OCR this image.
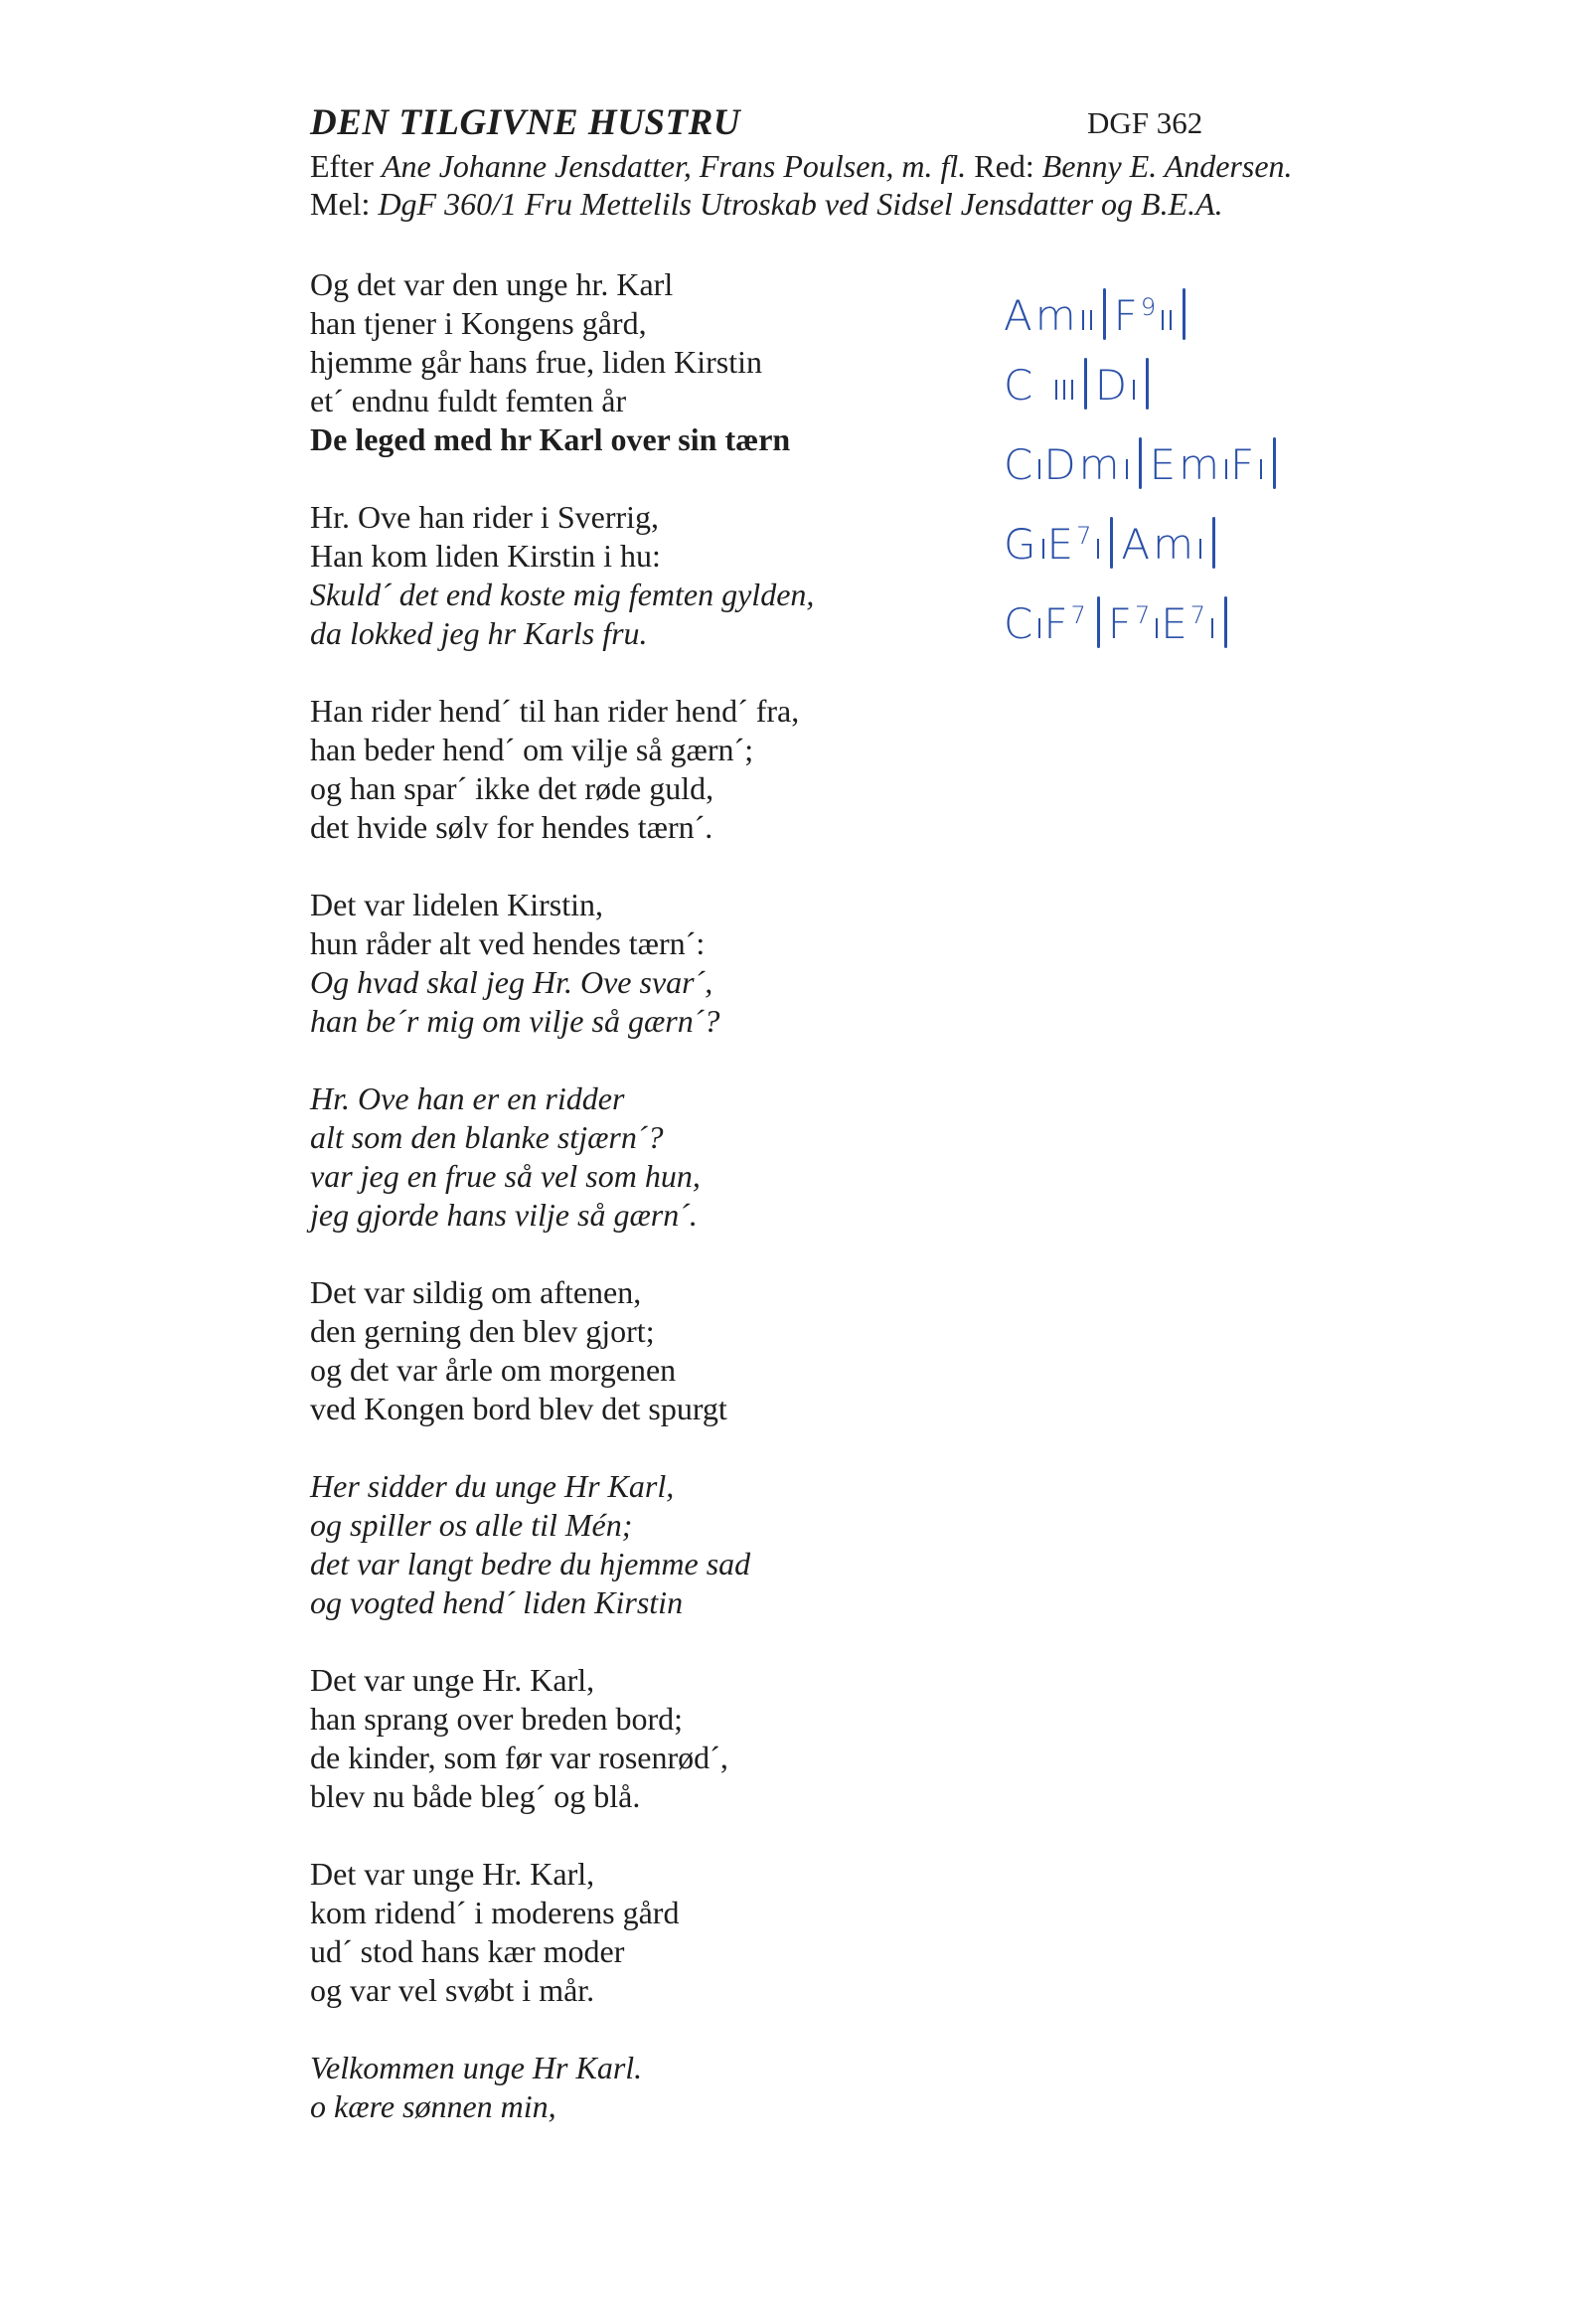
DEN TILGIVNE HUSTRU	DGF 362
Efter Ane Johanne Jensdatter, Frans Poulsen, m. fl. Red: Benny E. Andersen.
Mel: DgF 360/1 Fru Mettelils Utroskab ved Sidsel Jensdatter og B.E.A.
Og det var den unge hr. Karl
han tjener i Kongens gård,
hjemme går hans frue, liden Kirstin
et´ endnu fuldt femten år
De leged med hr Karl over sin tærn
Hr. Ove han rider i Sverrig,
Han kom liden Kirstin i hu:
Skuld´ det end koste mig femten gylden,
da lokked jeg hr Karls fru.
Han rider hend´ til han rider hend´ fra,
han beder hend´ om vilje så gærn´;
og han spar´ ikke det røde guld,
det hvide sølv for hendes tærn´.
Det var lidelen Kirstin,
hun råder alt ved hendes tærn´:
Og hvad skal jeg Hr. Ove svar´,
han be´r mig om vilje så gærn´?
Hr. Ove han er en ridder
alt som den blanke stjærn´?
var jeg en frue så vel som hun,
jeg gjorde hans vilje så gærn´.
Det var sildig om aftenen,
den gerning den blev gjort;
og det var årle om morgenen
ved Kongen bord blev det spurgt
Her sidder du unge Hr Karl,
og spiller os alle til Mén;
det var langt bedre du hjemme sad
og vogted hend´ liden Kirstin
Det var unge Hr. Karl,
han sprang over breden bord;
de kinder, som før var rosenrød´,
blev nu både bleg´ og blå.
Det var unge Hr. Karl,
kom ridend´ i moderens gård
ud´ stod hans kær moder
og var vel svøbt i mår.
Velkommen unge Hr Karl.
o kære sønnen min,
Am $F^9$
C D
C Dm Em F
G $E^7$ Am
C $F^7$ $F^7$ $E^7$
